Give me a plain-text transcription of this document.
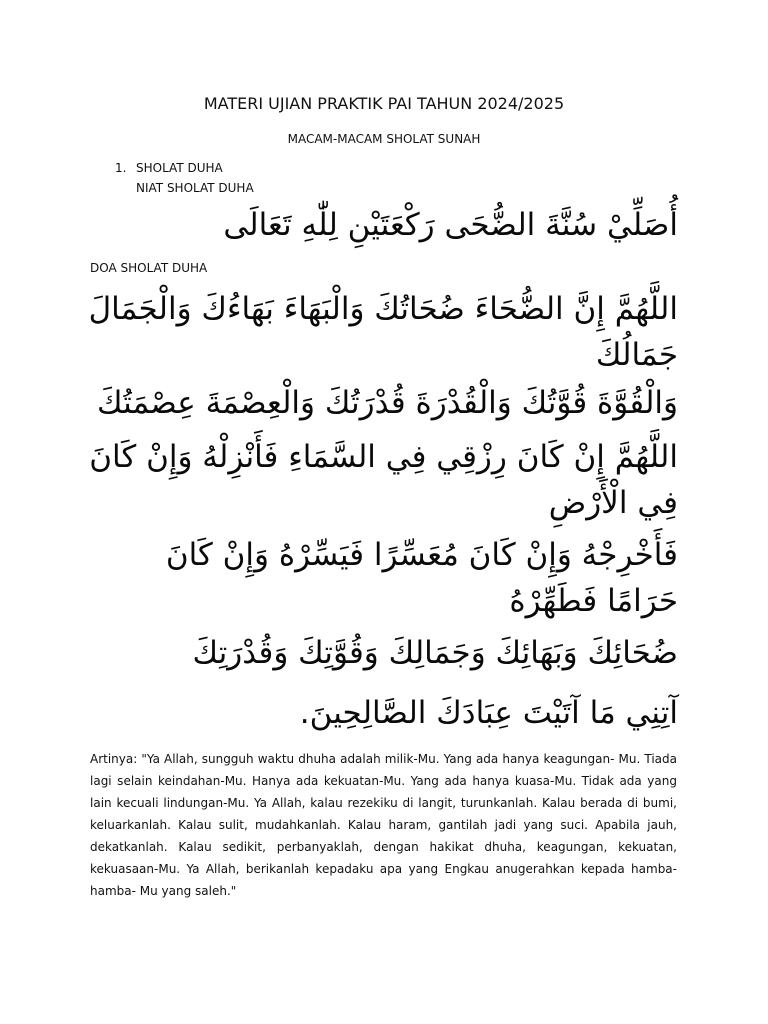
MATERI UJIAN PRAKTIK PAI TAHUN 2024/2025
MACAM-MACAM SHOLAT SUNAH
1. SHOLAT DUHA
NIAT SHOLAT DUHA
أُصَلِّيْ سُنَّةَ الضُّحَى رَكْعَتَيْنِ لِلّٰهِ تَعَالَى
DOA SHOLAT DUHA
اللَّهُمَّ إِنَّ الضُّحَاءَ ضُحَاتُكَ وَالْبَهَاءَ بَهَاءُكَ وَالْجَمَالَ جَمَالُكَ
وَالْقُوَّةَ قُوَّتُكَ وَالْقُدْرَةَ قُدْرَتُكَ وَالْعِصْمَةَ عِصْمَتُكَ
اللَّهُمَّ إِنْ كَانَ رِزْقِي فِي السَّمَاءِ فَأَنْزِلْهُ وَإِنْ كَانَ فِي الْأَرْضِ
فَأَخْرِجْهُ وَإِنْ كَانَ مُعَسِّرًا فَيَسِّرْهُ وَإِنْ كَانَ حَرَامًا فَطَهِّرْهُ
ضُحَائِكَ وَبَهَائِكَ وَجَمَالِكَ وَقُوَّتِكَ وَقُدْرَتِكَ
آتِنِي مَا آتَيْتَ عِبَادَكَ الصَّالِحِينَ.
Artinya: "Ya Allah, sungguh waktu dhuha adalah milik-Mu. Yang ada hanya keagungan- Mu. Tiada lagi selain keindahan-Mu. Hanya ada kekuatan-Mu. Yang ada hanya kuasa-Mu. Tidak ada yang lain kecuali lindungan-Mu. Ya Allah, kalau rezekiku di langit, turunkanlah. Kalau berada di bumi, keluarkanlah. Kalau sulit, mudahkanlah. Kalau haram, gantilah jadi yang suci. Apabila jauh, dekatkanlah. Kalau sedikit, perbanyaklah, dengan hakikat dhuha, keagungan, kekuatan, kekuasaan-Mu. Ya Allah, berikanlah kepadaku apa yang Engkau anugerahkan kepada hamba-hamba- Mu yang saleh."
